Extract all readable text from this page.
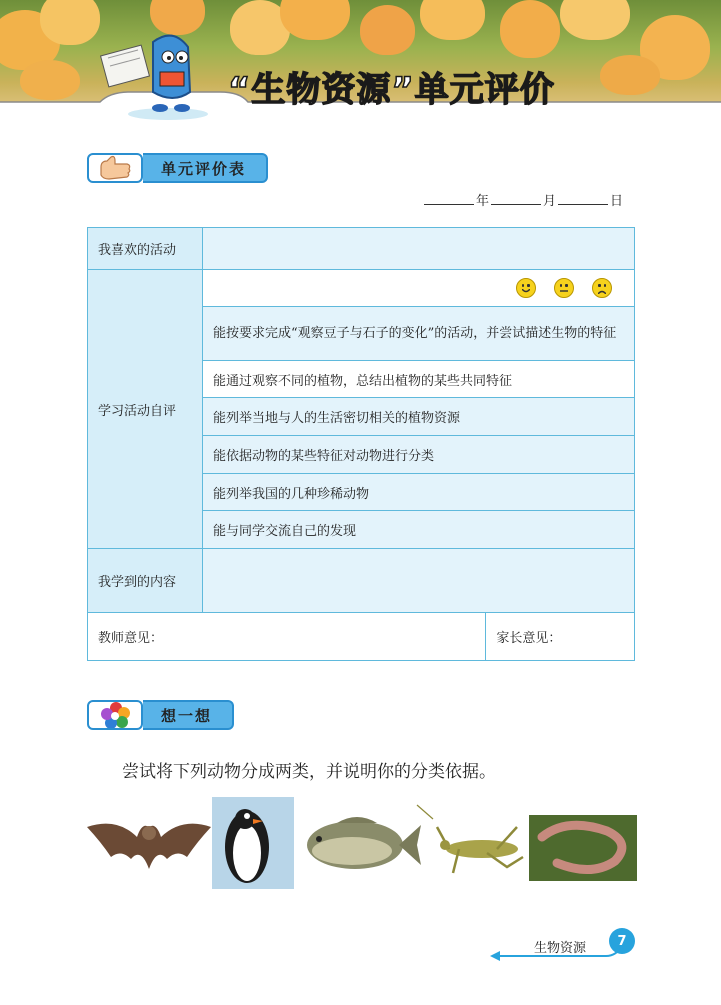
“生物资源”单元评价
单元评价表
年	月	日
我喜欢的活动		
学习活动自评	

	能按要求完成“观察豆子与石子的变化”的活动，并尝试描述生物的特征	
	能通过观察不同的植物，总结出植物的某些共同特征	
	能列举当地与人的生活密切相关的植物资源	
	能依据动物的某些特征对动物进行分类	
	能列举我国的几种珍稀动物	
	能与同学交流自己的发现	
我学到的内容		
教师意见：		家长意见：
想一想
尝试将下列动物分成两类，并说明你的分类依据。
生物资源	7
